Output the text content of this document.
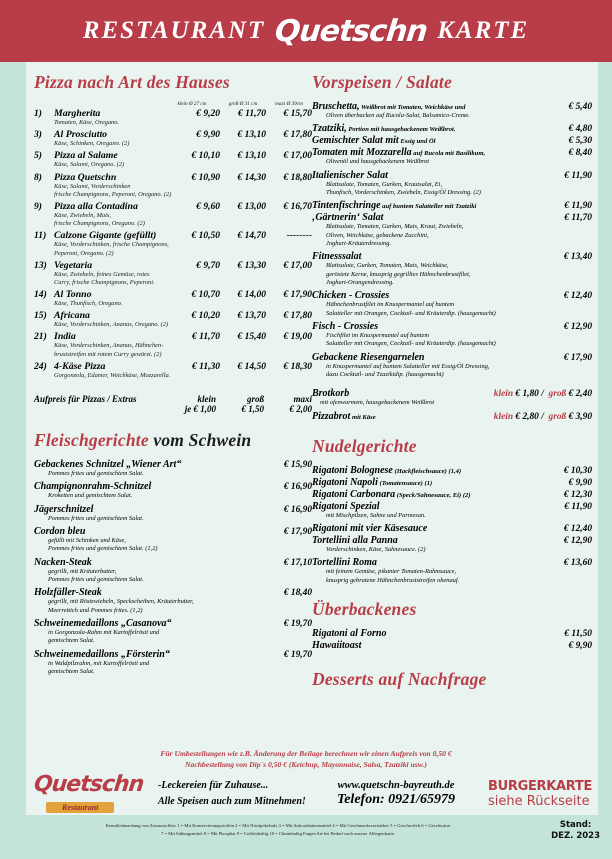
RESTAURANT Quetschn KARTE
Pizza nach Art des Hauses
klein Ø 27 cm	groß Ø 31 cm	maxi Ø 39cm
1)	Margherita	€ 9,20	€ 11,70	€ 15,70
Tomaten, Käse, Oregano.
3)	Al Prosciutto	€ 9,90	€ 13,10	€ 17,80
Käse, Schinken, Oregano. (2)
5)	Pizza al Salame	€ 10,10	€ 13,10	€ 17,00
Käse, Salami, Oregano. (2)
8)	Pizza Quetschn	€ 10,90	€ 14,30	€ 18,80
Käse, Salami, Vorderschinken
frische Champignons, Peperoni, Oregano. (2)
9)	Pizza alla Contadina	€ 9,60	€ 13,00	€ 16,70
Käse, Zwiebeln, Mais,
frische Champignons, Oregano. (2)
11) Calzone Gigante (gefüllt)	€ 10,50	€ 14,70	--------
Käse, Vorderschinken, frische Champignons,
Peperoni, Oregano. (2)
13) Vegetaria	€ 9,70	€ 13,30	€ 17,00
Käse, Zwiebeln, feines Gemüse, rotes
Curry, frische Champignons, Peperoni.
14) Al Tonno	€ 10,70	€ 14,00	€ 17,90
Käse, Thunfisch, Oregano.
15) Africana	€ 10,20	€ 13,70	€ 17,80
Käse, Vorderschinken, Ananas, Oregano. (2)
21) India	€ 11,70	€ 15,40	€ 19,00
Käse, Vorderschinken, Ananas, Hähnchen-
bruststreifen mit rotem Curry gewürzt. (2)
24) 4-Käse Pizza	€ 11,30	€ 14,50	€ 18,30
Gorgonzola, Edamer, Weichkäse, Mozzarella.
Aufpreis für Pizzas / Extras	klein	groß	maxi
je € 1,00	€ 1,50	€ 2,00
Fleischgerichte vom Schwein
Gebackenes Schnitzel „Wiener Art“	€ 15,90
Pommes frites und gemischtem Salat.
Champignonrahm-Schnitzel	€ 16,90
Kroketten und gemischtem Salat.
Jägerschnitzel	€ 16,90
Pommes frites und gemischtem Salat.
Cordon bleu	€ 17,90
gefüllt mit Schinken und Käse,
Pommes frites und gemischtem Salat. (1,2)
Nacken-Steak	€ 17,10
gegrillt, mit Kräuterbutter,
Pommes frites und gemischtem Salat.
Holzfäller-Steak	€ 18,40
gegrillt, mit Röstzwiebeln, Speckscheiben, Kräuterbutter,
Meerrettich und Pommes frites. (1,2)
Schweinemedaillons „Casanova“	€ 19,70
in Gorgonzola-Rahm mit Kartoffelrösti und
gemischtem Salat.
Schweinemedaillons „Försterin“	€ 19,70
in Waldpilzrahm, mit Kartoffelrösti und
gemischtem Salat.
Vorspeisen / Salate
Bruschetta, Weißbrot mit Tomaten, Weichkäse und	€ 5,40
Oliven überbacken auf Rucola-Salat, Balsamico-Creme.
Tzatziki, Portion mit hausgebackenem Weißbrot.	€ 4,80
Gemischter Salat mit Essig und Öl	€ 5,30
Tomaten mit Mozzarella auf Rucola mit Basilikum,	€ 8,40
Olivenöl und hausgebackenem Weißbrot
Italienischer Salat	€ 11,90
Blattsalate, Tomaten, Gurken, Krautsalat, Ei,
Thunfisch, Vorderschinken, Zwiebeln, Essig/Öl Dressing. (2)
Tintenfischringe auf buntem Salatteller mit Tzatziki	€ 11,90
‚Gärtnerin‘ Salat	€ 11,70
Blattsalate, Tomaten, Gurken, Mais, Kraut, Zwiebeln,
Oliven, Weichkäse, gebackene Zucchini,
Joghurt-Kräuterdressing.
Fitnesssalat	€ 13,40
Blattsalate, Gurken, Tomaten, Mais, Weichkäse,
geröstete Kerne, knusprig gegrilltes Hähnchenbrustfilet,
Joghurt-Orangendressing.
Chicken - Crossies	€ 12,40
Hähnchenbrustfilet im Knuspermantel auf buntem
Salatteller mit Orangen, Cocktail- und Kräuterdip. (hausgemacht)
Fisch - Crossies	€ 12,90
Fischfilet im Knuspermantel auf buntem
Salatteller mit Orangen, Cocktail- und Kräuterdip. (hausgemacht)
Gebackene Riesengarnelen	€ 17,90
in Knuspermantel auf buntem Salatteller mit Essig/Öl Dressing,
dazu Cocktail- und Tzazikidip. (hausgemacht)
Brotkorb	klein € 1,80 /  groß € 2,40
mit ofenwarmem, hausgebackenem Weißbrot
Pizzabrot mit Käse	klein € 2,80 /  groß € 3,90
Nudelgerichte
Rigatoni Bolognese (Hackfleischsauce) (1,4)	€ 10,30
Rigatoni Napoli (Tomatensauce) (1)	€ 9,90
Rigatoni Carbonara (Speck/Sahnesauce, Ei) (2)	€ 12,30
Rigatoni Spezial	€ 11,90
mit Mischpilzen, Sahne und Parmesan.
Rigatoni mit vier Käsesauce	€ 12,40
Tortellini alla Panna	€ 12,90
Vorderschinken, Käse, Sahnesauce. (2)
Tortellini Roma	€ 13,60
mit feinem Gemüse, pikanter Tomaten-Rahmsauce,
knusprig gebratene Hähnchenbruststreifen obenauf.
Überbackenes
Rigatoni al Forno	€ 11,50
Hawaiitoast	€ 9,90
Desserts auf Nachfrage
Für Umbestellungen wie z.B. Änderung der Beilage berechnen wir einen Aufpreis von 0,50 €
Nachbestellung von Dip´s 0,50 € (Ketchup, Mayonnaise, Salsa, Tzatziki usw.)
Quetschn
Restaurant
-Leckereien für Zuhause...
Alle Speisen auch zum Mitnehmen!
www.quetschn-bayreuth.de
Telefon: 0921/65979
BURGERKARTE
siehe Rückseite
Kenntlichmachung von Zusatzstoffen: 1 = Mit Konservierungsstoffen 2 = Mit Nitritpökelsalz 3 = Mit Antioxidationsmittel 4 = Mit Geschmacksverstärker 5 = Geschwefelt 6 = Geschwärzt
7 = Mit Süßungsmittel 8 = Mit Phosphat 9 = Coffeinhaltig 10 = Chininhaltig Fragen Sie bei Bedarf nach unserer Allergenkarte.
Stand:
DEZ. 2023
